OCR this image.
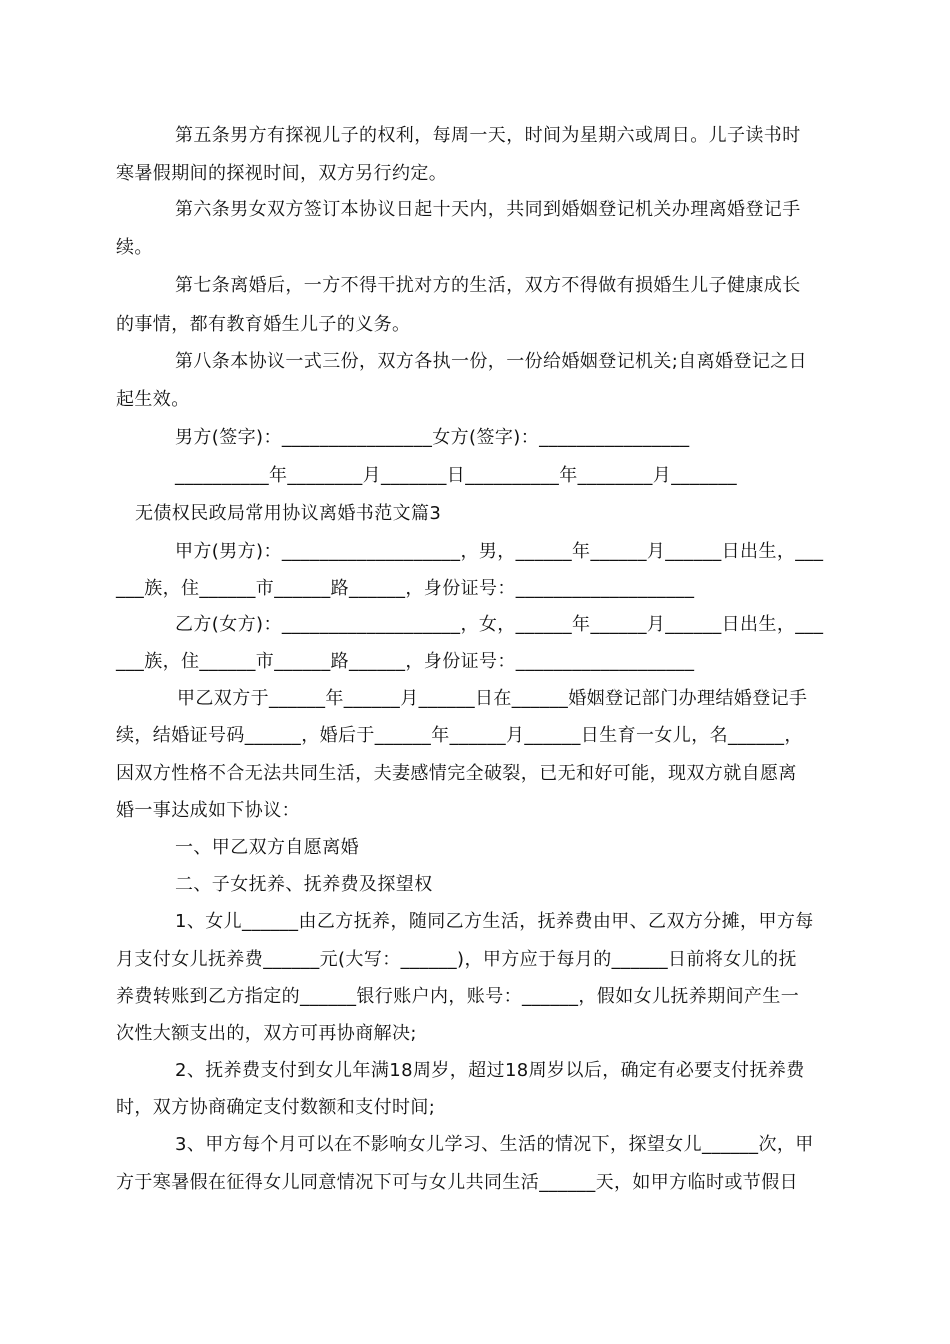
第五条男方有探视儿子的权利，每周一天，时间为星期六或周日。儿子读书时

寒暑假期间的探视时间，双方另行约定。

第六条男女双方签订本协议日起十天内，共同到婚姻登记机关办理离婚登记手

续。

第七条离婚后，一方不得干扰对方的生活，双方不得做有损婚生儿子健康成长

的事情，都有教育婚生儿子的义务。

第八条本协议一式三份，双方各执一份，一份给婚姻登记机关;自离婚登记之日

起生效。

男方(签字)：________________女方(签字)：________________

__________年________月_______日__________年________月_______

无债权民政局常用协议离婚书范文篇3

甲方(男方)：___________________，男，______年______月______日出生，___

___族，住______市______路______，身份证号：___________________

乙方(女方)：___________________，女，______年______月______日出生，___

___族，住______市______路______，身份证号：___________________

甲乙双方于______年______月______日在______婚姻登记部门办理结婚登记手

续，结婚证号码______，婚后于______年______月______日生育一女儿，名______，

因双方性格不合无法共同生活，夫妻感情完全破裂，已无和好可能，现双方就自愿离

婚一事达成如下协议：

一、甲乙双方自愿离婚

二、子女抚养、抚养费及探望权

1、女儿______由乙方抚养，随同乙方生活，抚养费由甲、乙双方分摊，甲方每

月支付女儿抚养费______元(大写：______)，甲方应于每月的______日前将女儿的抚

养费转账到乙方指定的______银行账户内，账号：______，假如女儿抚养期间产生一

次性大额支出的，双方可再协商解决;

2、抚养费支付到女儿年满18周岁，超过18周岁以后，确定有必要支付抚养费

时，双方协商确定支付数额和支付时间;

3、甲方每个月可以在不影响女儿学习、生活的情况下，探望女儿______次，甲

方于寒暑假在征得女儿同意情况下可与女儿共同生活______天，如甲方临时或节假日
